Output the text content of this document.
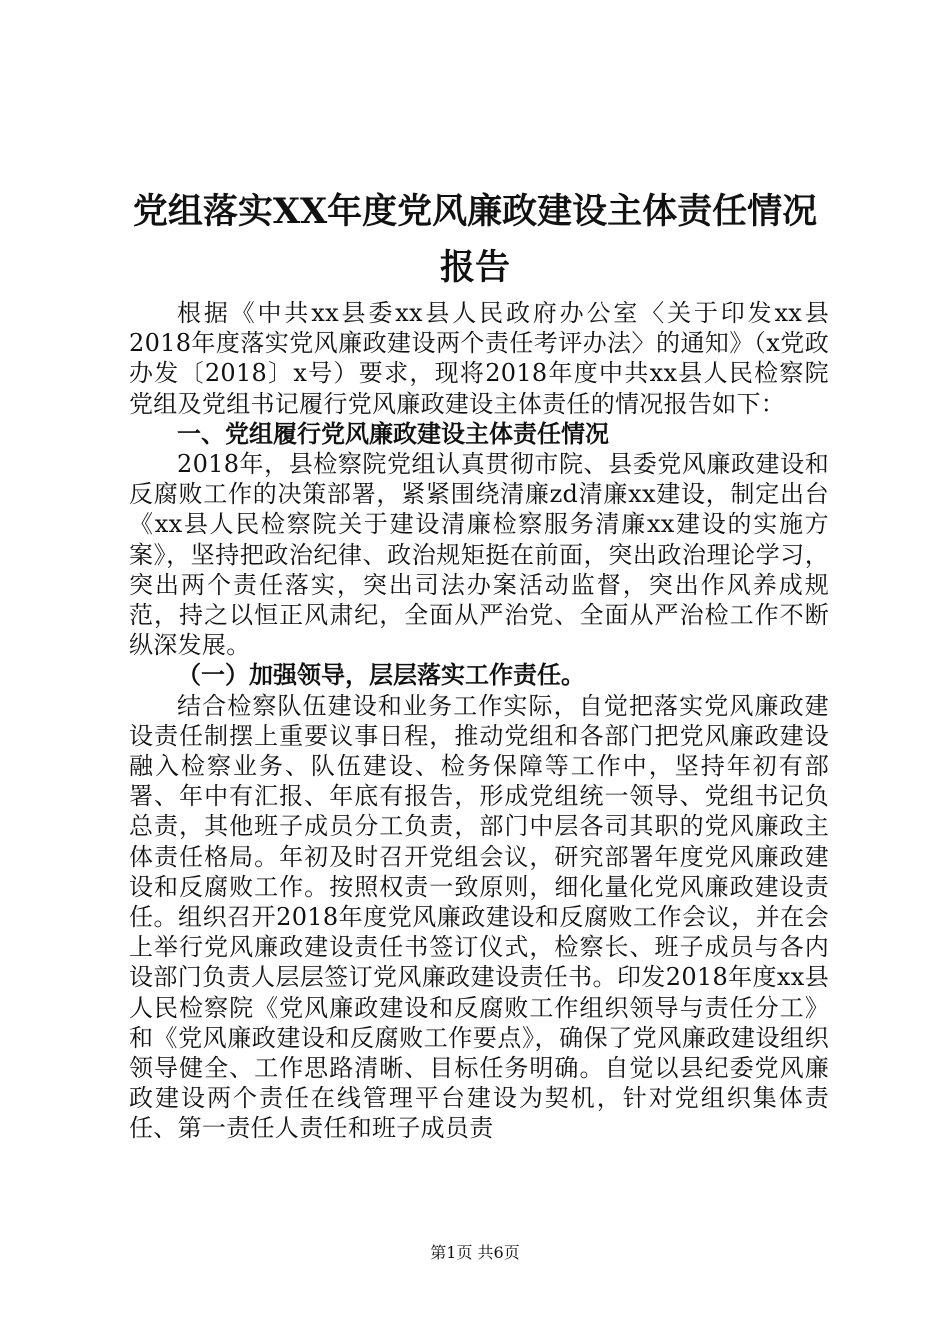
党组落实XX年度党风廉政建设主体责任情况
报告

根据《中共xx县委xx县人民政府办公室〈关于印发xx县2018年度落实党风廉政建设两个责任考评办法〉的通知》（x党政办发〔2018〕x号）要求，现将2018年度中共xx县人民检察院党组及党组书记履行党风廉政建设主体责任的情况报告如下：

一、党组履行党风廉政建设主体责任情况

2018年，县检察院党组认真贯彻市院、县委党风廉政建设和反腐败工作的决策部署，紧紧围绕清廉zd清廉xx建设，制定出台《xx县人民检察院关于建设清廉检察服务清廉xx建设的实施方案》，坚持把政治纪律、政治规矩挺在前面，突出政治理论学习，突出两个责任落实，突出司法办案活动监督，突出作风养成规范，持之以恒正风肃纪，全面从严治党、全面从严治检工作不断纵深发展。

（一）加强领导，层层落实工作责任。

结合检察队伍建设和业务工作实际，自觉把落实党风廉政建设责任制摆上重要议事日程，推动党组和各部门把党风廉政建设融入检察业务、队伍建设、检务保障等工作中，坚持年初有部署、年中有汇报、年底有报告，形成党组统一领导、党组书记负总责，其他班子成员分工负责，部门中层各司其职的党风廉政主体责任格局。年初及时召开党组会议，研究部署年度党风廉政建设和反腐败工作。按照权责一致原则，细化量化党风廉政建设责任。组织召开2018年度党风廉政建设和反腐败工作会议，并在会上举行党风廉政建设责任书签订仪式，检察长、班子成员与各内设部门负责人层层签订党风廉政建设责任书。印发2018年度xx县人民检察院《党风廉政建设和反腐败工作组织领导与责任分工》和《党风廉政建设和反腐败工作要点》，确保了党风廉政建设组织领导健全、工作思路清晰、目标任务明确。自觉以县纪委党风廉政建设两个责任在线管理平台建设为契机，针对党组织集体责任、第一责任人责任和班子成员责

第1页 共6页
